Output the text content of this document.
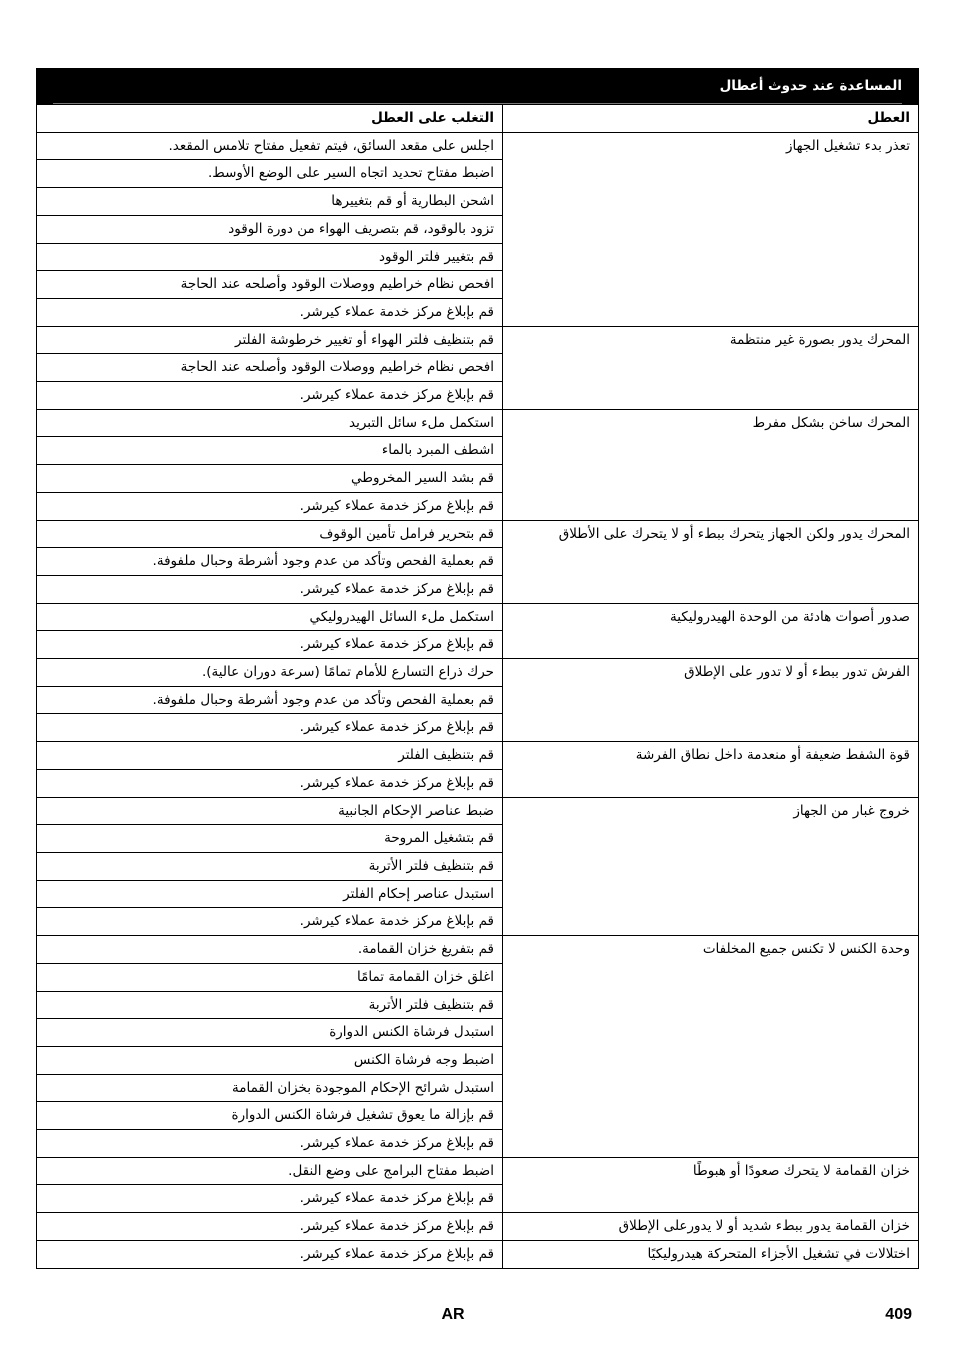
المساعدة عند حدوث أعطال	

العطل	التغلب على العطل
تعذر بدء تشغيل الجهاز	اجلس على مقعد السائق، فيتم تفعيل مفتاح تلامس المقعد.
	اضبط مفتاح تحديد اتجاه السير على الوضع الأوسط.
	اشحن البطارية أو قم بتغييرها
	تزود بالوقود، قم بتصريف الهواء من دورة الوقود
	قم بتغيير فلتر الوقود
	افحص نظام خراطيم ووصلات الوقود وأصلحه عند الحاجة
	قم بإبلاغ مركز خدمة عملاء كيرشر.
المحرك يدور بصورة غير منتظمة	قم بتنظيف فلتر الهواء أو تغيير خرطوشة الفلتر
	افحص نظام خراطيم ووصلات الوقود وأصلحه عند الحاجة
	قم بإبلاغ مركز خدمة عملاء كيرشر.
المحرك ساخن بشكل مفرط	استكمل ملء سائل التبريد
	اشطف المبرد بالماء
	قم بشد السير المخروطي
	قم بإبلاغ مركز خدمة عملاء كيرشر.
المحرك يدور ولكن الجهاز يتحرك ببطء أو لا يتحرك على الأطلاق	قم بتحرير فرامل تأمين الوقوف
	قم بعملية الفحص وتأكد من عدم وجود أشرطة وحبال ملفوفة.
	قم بإبلاغ مركز خدمة عملاء كيرشر.
صدور أصوات هادئة من الوحدة الهيدروليكية	استكمل ملء السائل الهيدروليكي
	قم بإبلاغ مركز خدمة عملاء كيرشر.
الفرش تدور ببطء أو لا تدور على الإطلاق	حرك ذراع التسارع للأمام تمامًا (سرعة دوران عالية).
	قم بعملية الفحص وتأكد من عدم وجود أشرطة وحبال ملفوفة.
	قم بإبلاغ مركز خدمة عملاء كيرشر.
قوة الشفط ضعيفة أو منعدمة داخل نطاق الفرشة	قم بتنظيف الفلتر
	قم بإبلاغ مركز خدمة عملاء كيرشر.
خروج غبار من الجهاز	ضبط عناصر الإحكام الجانبية
	قم بتشغيل المروحة
	قم بتنظيف فلتر الأتربة
	استبدل عناصر إحكام الفلتر
	قم بإبلاغ مركز خدمة عملاء كيرشر.
وحدة الكنس لا تكنس جميع المخلفات	قم بتفريغ خزان القمامة.
	اغلق خزان القمامة تمامًا
	قم بتنظيف فلتر الأتربة
	استبدل فرشاة الكنس الدوارة
	اضبط وجه فرشاة الكنس
	استبدل شرائح الإحكام الموجودة بخزان القمامة
	قم بإزالة ما يعوق تشغيل فرشاة الكنس الدوارة
	قم بإبلاغ مركز خدمة عملاء كيرشر.
خزان القمامة لا يتحرك صعودًا أو هبوطًا	اضبط مفتاح البرامج على وضع النقل.
	قم بإبلاغ مركز خدمة عملاء كيرشر.
خزان القمامة يدور ببطء شديد أو لا يدورعلى الإطلاق	قم بإبلاغ مركز خدمة عملاء كيرشر.
اختلالات في تشغيل الأجزاء المتحركة هيدروليكيًا	قم بإبلاغ مركز خدمة عملاء كيرشر.
AR	409
